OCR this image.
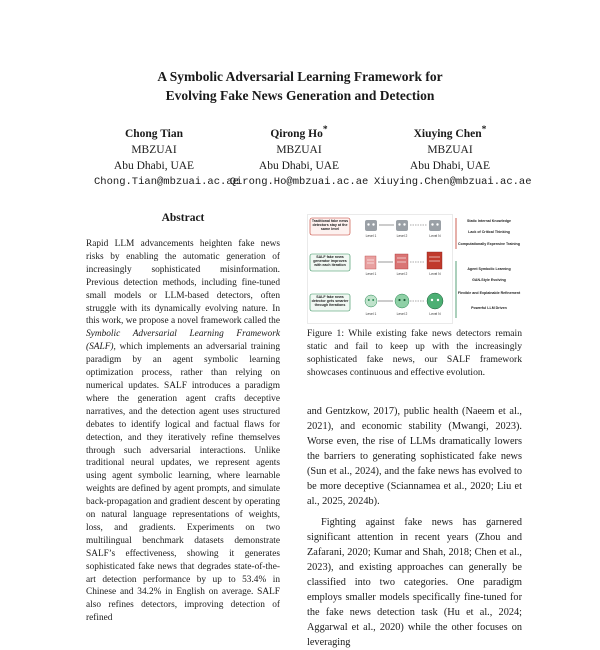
A Symbolic Adversarial Learning Framework for
Evolving Fake News Generation and Detection
Chong Tian
MBZUAI
Abu Dhabi, UAE
Chong.Tian@mbzuai.ac.ae
Qirong Ho*
MBZUAI
Abu Dhabi, UAE
Qirong.Ho@mbzuai.ac.ae
Xiuying Chen*
MBZUAI
Abu Dhabi, UAE
Xiuying.Chen@mbzuai.ac.ae
Abstract
Rapid LLM advancements heighten fake news risks by enabling the automatic generation of increasingly sophisticated misinformation. Previous detection methods, including fine-tuned small models or LLM-based detectors, often struggle with its dynamically evolving nature. In this work, we propose a novel framework called the Symbolic Adversarial Learning Framework (SALF), which implements an adversarial training paradigm by an agent symbolic learning optimization process, rather than relying on numerical updates. SALF introduces a paradigm where the generation agent crafts deceptive narratives, and the detection agent uses structured debates to identify logical and factual flaws for detection, and they iteratively refine themselves through such adversarial interactions. Unlike traditional neural updates, we represent agents using agent symbolic learning, where learnable weights are defined by agent prompts, and simulate back-propagation and gradient descent by operating on natural language representations of weights, loss, and gradients. Experiments on two multilingual benchmark datasets demonstrate SALF’s effectiveness, showing it generates sophisticated fake news that degrades state-of-the-art detection performance by up to 53.4% in Chinese and 34.2% in English on average. SALF also refines detectors, improving detection of refined
Traditional fake news detectors stay at the same level
SALF fake news generator improves with each iteration
SALF fake news detector gets smarter through iterations
Level 1	Level 2	Level N
Level 1	Level 2	Level N
Level 1	Level 2	Level N
Static Internal Knowledge
Lack of Critical Thinking
Computationally Expensive Training
Agent Symbolic Learning
GAN-Style Evolving
Flexible and Explainable Refinement
Powerful LLM Driven
Figure 1: While existing fake news detectors remain static and fail to keep up with the increasingly sophisticated fake news, our SALF framework showcases continuous and effective evolution.

and Gentzkow, 2017), public health (Naeem et al., 2021), and economic stability (Mwangi, 2023). Worse even, the rise of LLMs dramatically lowers the barriers to generating sophisticated fake news (Sun et al., 2024), and the fake news has evolved to be more deceptive (Sciannamea et al., 2020; Liu et al., 2025, 2024b).

Fighting against fake news has garnered significant attention in recent years (Zhou and Zafarani, 2020; Kumar and Shah, 2018; Chen et al., 2023), and existing approaches can generally be classified into two categories. One paradigm employs smaller models specifically fine-tuned for the fake news detection task (Hu et al., 2024; Aggarwal et al., 2020) while the other focuses on leveraging
